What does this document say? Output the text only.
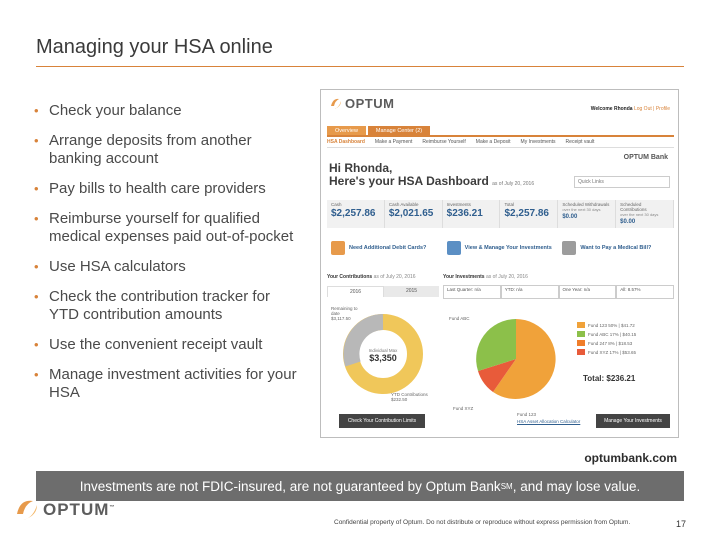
Managing your HSA online
• Check your balance
• Arrange deposits from another banking account
• Pay bills to health care providers
• Reimburse yourself for qualified medical expenses paid out-of-pocket
• Use HSA calculators
• Check the contribution tracker for YTD contribution amounts
• Use the convenient receipt vault
• Manage investment activities for your HSA
OPTUM	Welcome Rhonda Log Out | Profile
Overview	Manage Center (2)
HSA Dashboard Make a Payment Reimburse Yourself Make a Deposit My Investments Receipt vault
Hi Rhonda,
Here's your HSA Dashboard as of July 20, 2016
OPTUM Bank
Quick Links
Cash
$2,257.86
Cash Available
$2,021.65
Investments
$236.21
Total
$2,257.86
Scheduled Withdrawals
over the next 30 days
$0.00
Scheduled Contributions
over the next 30 days
$0.00
Need Additional Debit Cards?	View & Manage Your Investments	Want to Pay a Medical Bill?
Your Contributions as of July 20, 2016
2016	2015
Remaining to date
$3,117.50
Individual Max
$3,350
YTD Contributions
$232.50
Check Your Contribution Limits
Your Investments as of July 20, 2016
Last Quarter: n/a	YTD: n/a	One Year: n/a	All: 8.57%
Fund ABC
Fund XYZ
Fund 123
Fund 123
50% | $41.72
Fund ABC
17% | $40.15
Fund 247
8% | $18.53
Fund XYZ
17% | $53.65
Total: $236.21
HSA Asset Allocation Calculator	Manage Your Investments
optumbank.com
Investments are not FDIC-insured, are not guaranteed by Optum Bank SM , and may lose value.
OPTUM™
Confidential property of Optum. Do not distribute or reproduce without express permission from Optum.	17
